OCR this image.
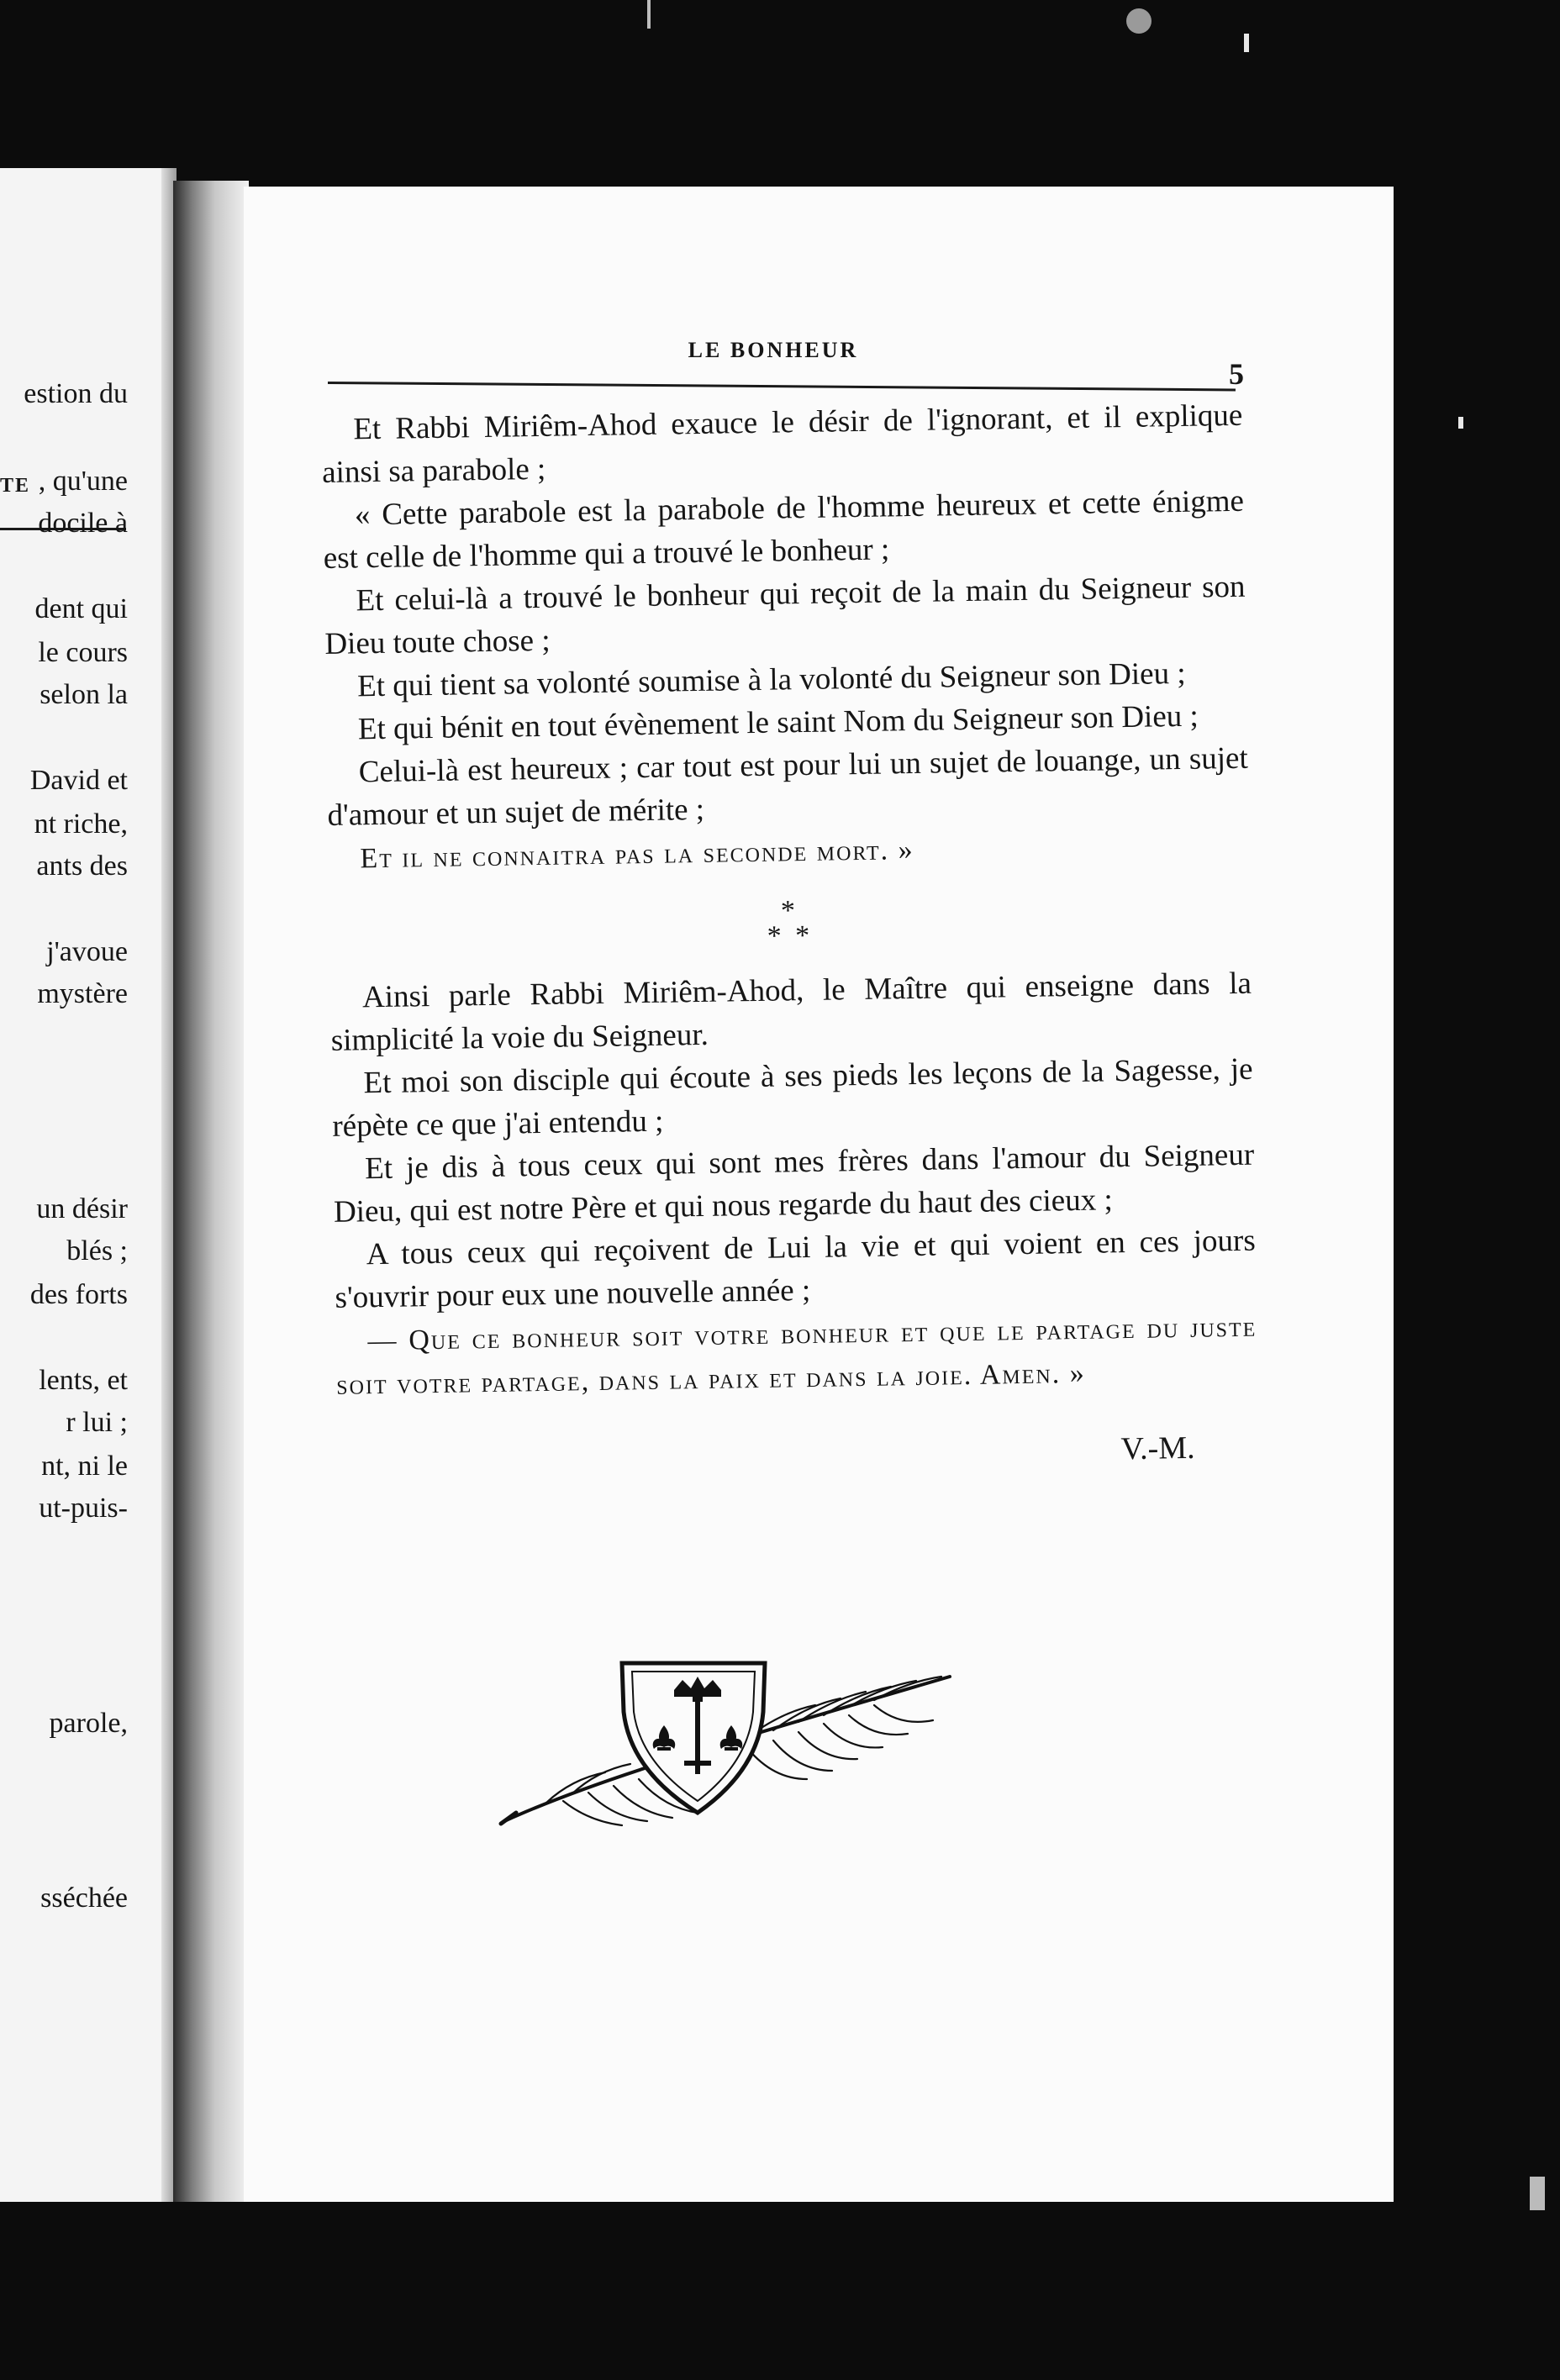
TE
estion du
, qu'une
docile à
dent qui
le cours
selon la
David et
nt riche,
ants des
j'avoue
mystère
un désir
blés ;
des forts
lents, et
r lui ;
nt, ni le
ut-puis-
parole,
sséchée
LE BONHEUR
5

Et Rabbi Miriêm-Ahod exauce le désir de l'ignorant, et il explique ainsi sa parabole ;

« Cette parabole est la parabole de l'homme heureux et cette énigme est celle de l'homme qui a trouvé le bonheur ;

Et celui-là a trouvé le bonheur qui reçoit de la main du Seigneur son Dieu toute chose ;

Et qui tient sa volonté soumise à la volonté du Seigneur son Dieu ;

Et qui bénit en tout évènement le saint Nom du Seigneur son Dieu ;

Celui-là est heureux ; car tout est pour lui un sujet de louange, un sujet d'amour et un sujet de mérite ;

Et il ne connaitra pas la seconde mort. »

*
* *

Ainsi parle Rabbi Miriêm-Ahod, le Maître qui enseigne dans la simplicité la voie du Seigneur.

Et moi son disciple qui écoute à ses pieds les leçons de la Sagesse, je répète ce que j'ai entendu ;

Et je dis à tous ceux qui sont mes frères dans l'amour du Seigneur Dieu, qui est notre Père et qui nous regarde du haut des cieux ;

A tous ceux qui reçoivent de Lui la vie et qui voient en ces jours s'ouvrir pour eux une nouvelle année ;

— Que ce bonheur soit votre bonheur et que le partage du juste soit votre partage, dans la paix et dans la joie. Amen. »

V.-M.
